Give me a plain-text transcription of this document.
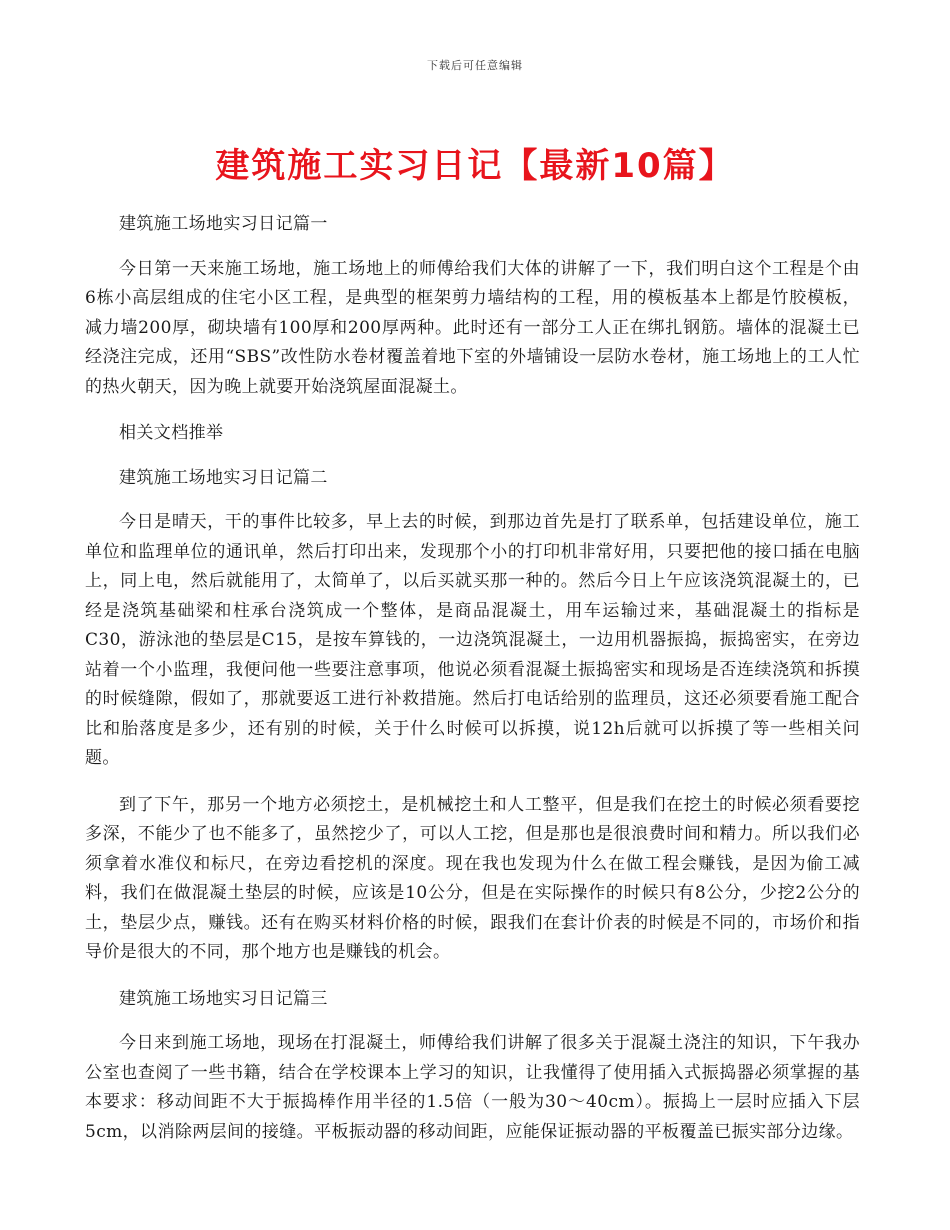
下载后可任意编辑
建筑施工实习日记【最新10篇】

建筑施工场地实习日记篇一

今日第一天来施工场地，施工场地上的师傅给我们大体的讲解了一下，我们明白这个工程是个由6栋小高层组成的住宅小区工程，是典型的框架剪力墙结构的工程，用的模板基本上都是竹胶模板，减力墙200厚，砌块墙有100厚和200厚两种。此时还有一部分工人正在绑扎钢筋。墙体的混凝土已经浇注完成，还用“SBS”改性防水卷材覆盖着地下室的外墙铺设一层防水卷材，施工场地上的工人忙的热火朝天，因为晚上就要开始浇筑屋面混凝土。

相关文档推举

建筑施工场地实习日记篇二

今日是晴天，干的事件比较多，早上去的时候，到那边首先是打了联系单，包括建设单位，施工单位和监理单位的通讯单，然后打印出来，发现那个小的打印机非常好用，只要把他的接口插在电脑上，同上电，然后就能用了，太简单了，以后买就买那一种的。然后今日上午应该浇筑混凝土的，已经是浇筑基础梁和柱承台浇筑成一个整体，是商品混凝土，用车运输过来，基础混凝土的指标是C30，游泳池的垫层是C15，是按车算钱的，一边浇筑混凝土，一边用机器振捣，振捣密实，在旁边站着一个小监理，我便问他一些要注意事项，他说必须看混凝土振捣密实和现场是否连续浇筑和拆摸的时候缝隙，假如了，那就要返工进行补救措施。然后打电话给别的监理员，这还必须要看施工配合比和胎落度是多少，还有别的时候，关于什么时候可以拆摸，说12h后就可以拆摸了等一些相关问题。

到了下午，那另一个地方必须挖土，是机械挖土和人工整平，但是我们在挖土的时候必须看要挖多深，不能少了也不能多了，虽然挖少了，可以人工挖，但是那也是很浪费时间和精力。所以我们必须拿着水准仪和标尺，在旁边看挖机的深度。现在我也发现为什么在做工程会赚钱，是因为偷工减料，我们在做混凝土垫层的时候，应该是10公分，但是在实际操作的时候只有8公分，少挖2公分的土，垫层少点，赚钱。还有在购买材料价格的时候，跟我们在套计价表的时候是不同的，市场价和指导价是很大的不同，那个地方也是赚钱的机会。

建筑施工场地实习日记篇三

今日来到施工场地，现场在打混凝土，师傅给我们讲解了很多关于混凝土浇注的知识，下午我办公室也查阅了一些书籍，结合在学校课本上学习的知识，让我懂得了使用插入式振捣器必须掌握的基本要求：移动间距不大于振捣棒作用半径的1.5倍（一般为30～40cm）。振捣上一层时应插入下层5cm，以消除两层间的接缝。平板振动器的移动间距，应能保证振动器的平板覆盖已振实部分边缘。
